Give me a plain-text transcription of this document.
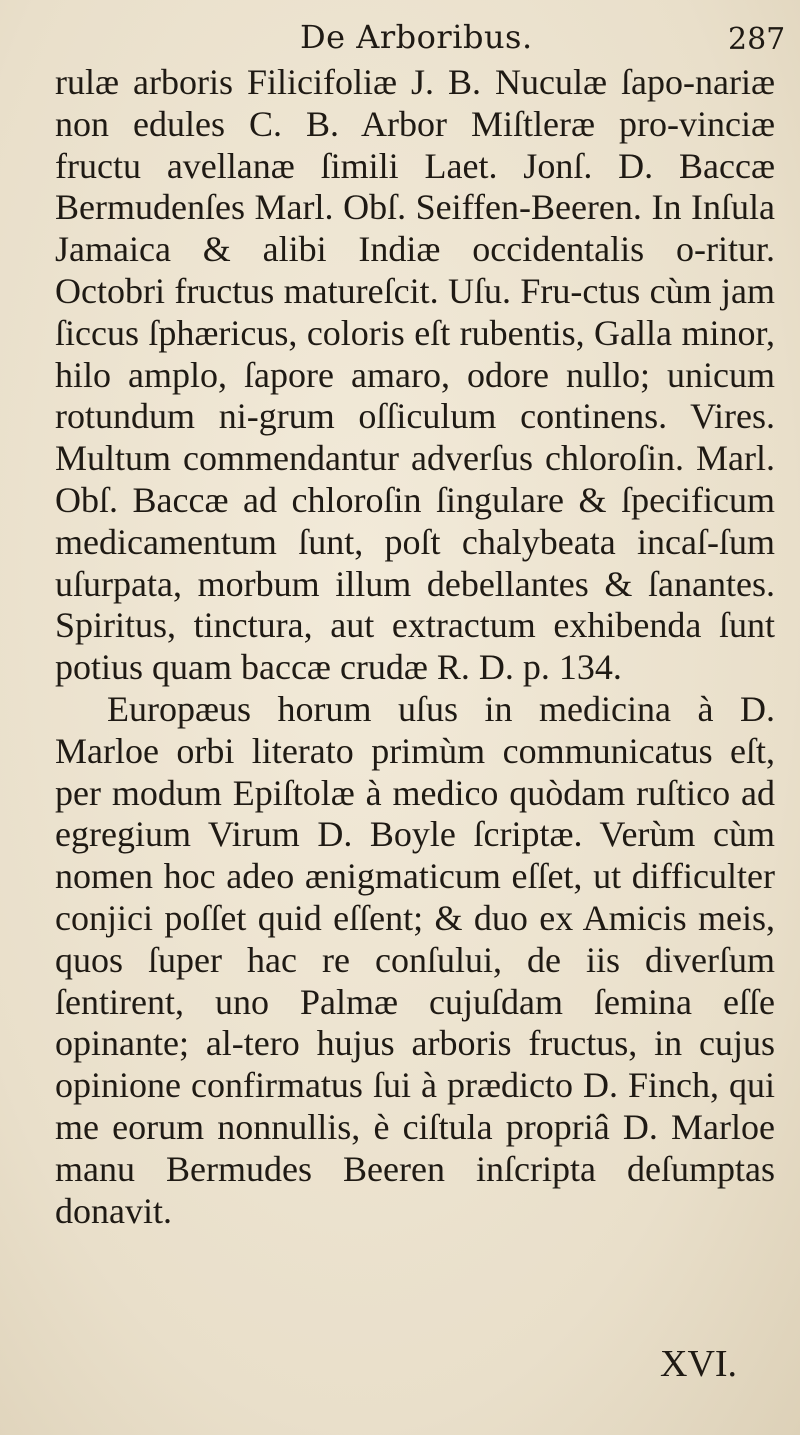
De Arboribus.	287

rulæ arboris Filicifoliæ J. B. Nuculæ ſapo-nariæ non edules C. B. Arbor Miſtleræ pro-vinciæ fructu avellanæ ſimili Laet. Jonſ. D. Baccæ Bermudenſes Marl. Obſ. Seiffen-Beeren. In Inſula Jamaica & alibi Indiæ occidentalis o-ritur. Octobri fructus matureſcit. Uſu. Fru-ctus cùm jam ſiccus ſphæricus, coloris eſt rubentis, Galla minor, hilo amplo, ſapore amaro, odore nullo; unicum rotundum ni-grum oſſiculum continens. Vires. Multum commendantur adverſus chloroſin. Marl. Obſ. Baccæ ad chloroſin ſingulare & ſpecificum medicamentum ſunt, poſt chalybeata incaſ-ſum uſurpata, morbum illum debellantes & ſanantes. Spiritus, tinctura, aut extractum exhibenda ſunt potius quam baccæ crudæ R. D. p. 134.

Europæus horum uſus in medicina à D. Marloe orbi literato primùm communicatus eſt, per modum Epiſtolæ à medico quòdam ruſtico ad egregium Virum D. Boyle ſcriptæ. Verùm cùm nomen hoc adeo ænigmaticum eſſet, ut difficulter conjici poſſet quid eſſent; & duo ex Amicis meis, quos ſuper hac re conſului, de iis diverſum ſentirent, uno Palmæ cujuſdam ſemina eſſe opinante; al-tero hujus arboris fructus, in cujus opinione confirmatus ſui à prædicto D. Finch, qui me eorum nonnullis, è ciſtula propriâ D. Marloe manu Bermudes Beeren inſcripta deſumptas donavit.

XVI.
